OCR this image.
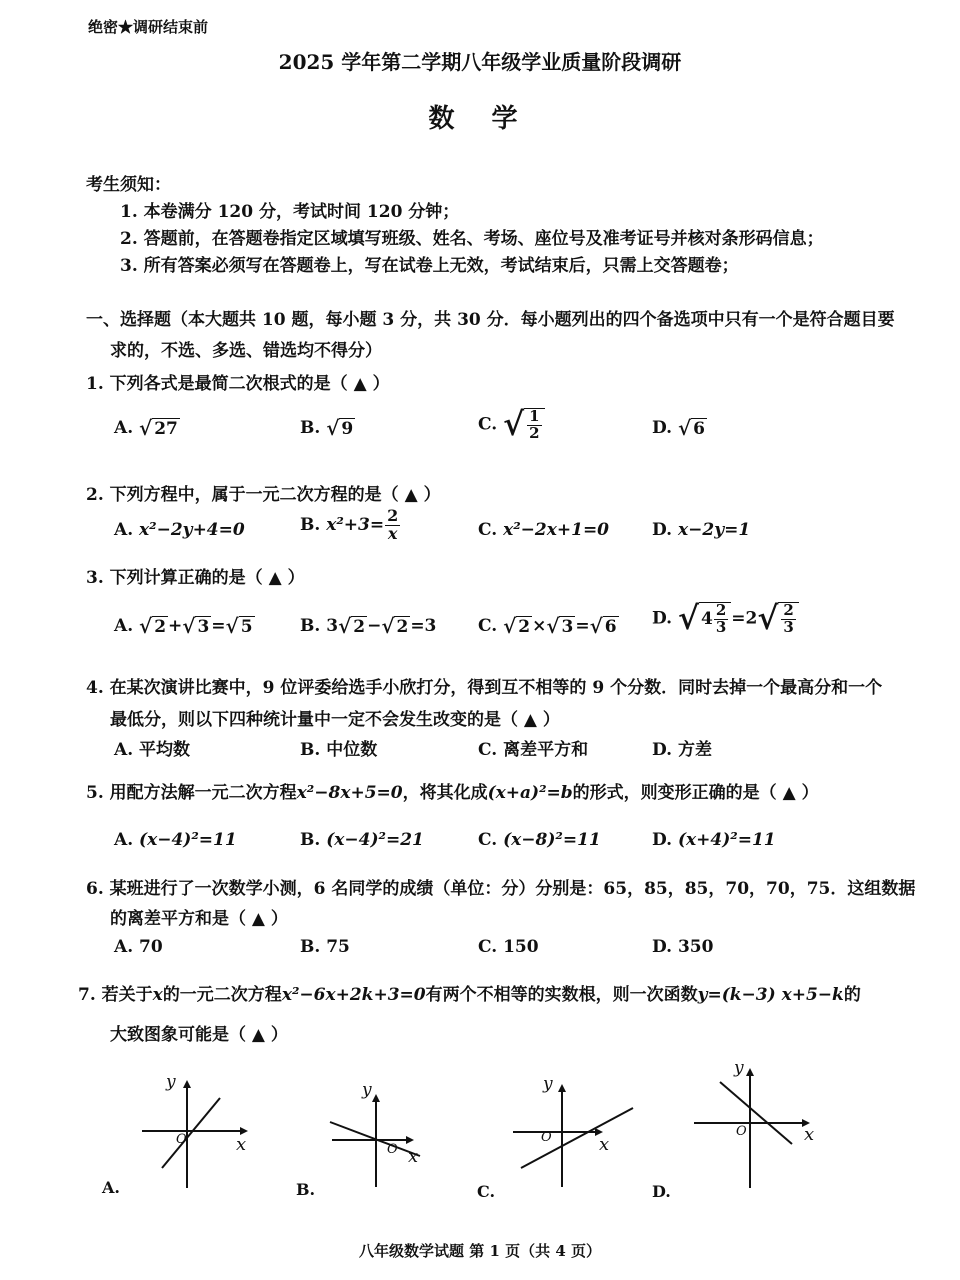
绝密★调研结束前
2025 学年第二学期八年级学业质量阶段调研
数 学
考生须知：
1. 本卷满分 120 分，考试时间 120 分钟；
2. 答题前，在答题卷指定区域填写班级、姓名、考场、座位号及准考证号并核对条形码信息；
3. 所有答案必须写在答题卷上，写在试卷上无效，考试结束后，只需上交答题卷；
一、选择题（本大题共 10 题，每小题 3 分，共 30 分．每小题列出的四个备选项中只有一个是符合题目要
求的，不选、多选、错选均不得分）
1. 下列各式是最简二次根式的是（ ▲ ）
A. √ 27	B. √ 9	C. √ $\frac{1}{2}$	D. √ 6
2. 下列方程中，属于一元二次方程的是（ ▲ ）
A. x²−2y+4=0	B. $x^2+3= \frac{2}{x}$	C. x²−2x+1=0	D. x−2y=1
3. 下列计算正确的是（ ▲ ）
A. √ 2 + √ 3 = √ 5	B. 3 √ 2 − √ 2 =3 C. √ 2 × √ 3 = √ 6 D. √ $4 \frac{2}{3} =2$ √ $\frac{2}{3}$
4. 在某次演讲比赛中，9 位评委给选手小欣打分，得到互不相等的 9 个分数．同时去掉一个最高分和一个
最低分，则以下四种统计量中一定不会发生改变的是（ ▲ ）
A. 平均数	B. 中位数	C. 离差平方和	D. 方差
5. 用配方法解一元二次方程x²−8x+5=0，将其化成(x+a)²=b的形式，则变形正确的是（ ▲ ）
A. (x−4)²=11	B. (x−4)²=21	C. (x−8)²=11	D. (x+4)²=11
6. 某班进行了一次数学小测，6 名同学的成绩（单位：分）分别是：65，85，85，70，70，75．这组数据
的离差平方和是（ ▲ ）
A. 70	B. 75	C. 150	D. 350
7. 若关于x的一元二次方程x²−6x+2k+3=0有两个不相等的实数根，则一次函数y=(k−3) x+5−k的
大致图象可能是（ ▲ ）
y
x
O
A.
y
x
O
B.
y
x
O
C.
y
x
O
D.
八年级数学试题 第 1 页（共 4 页）
